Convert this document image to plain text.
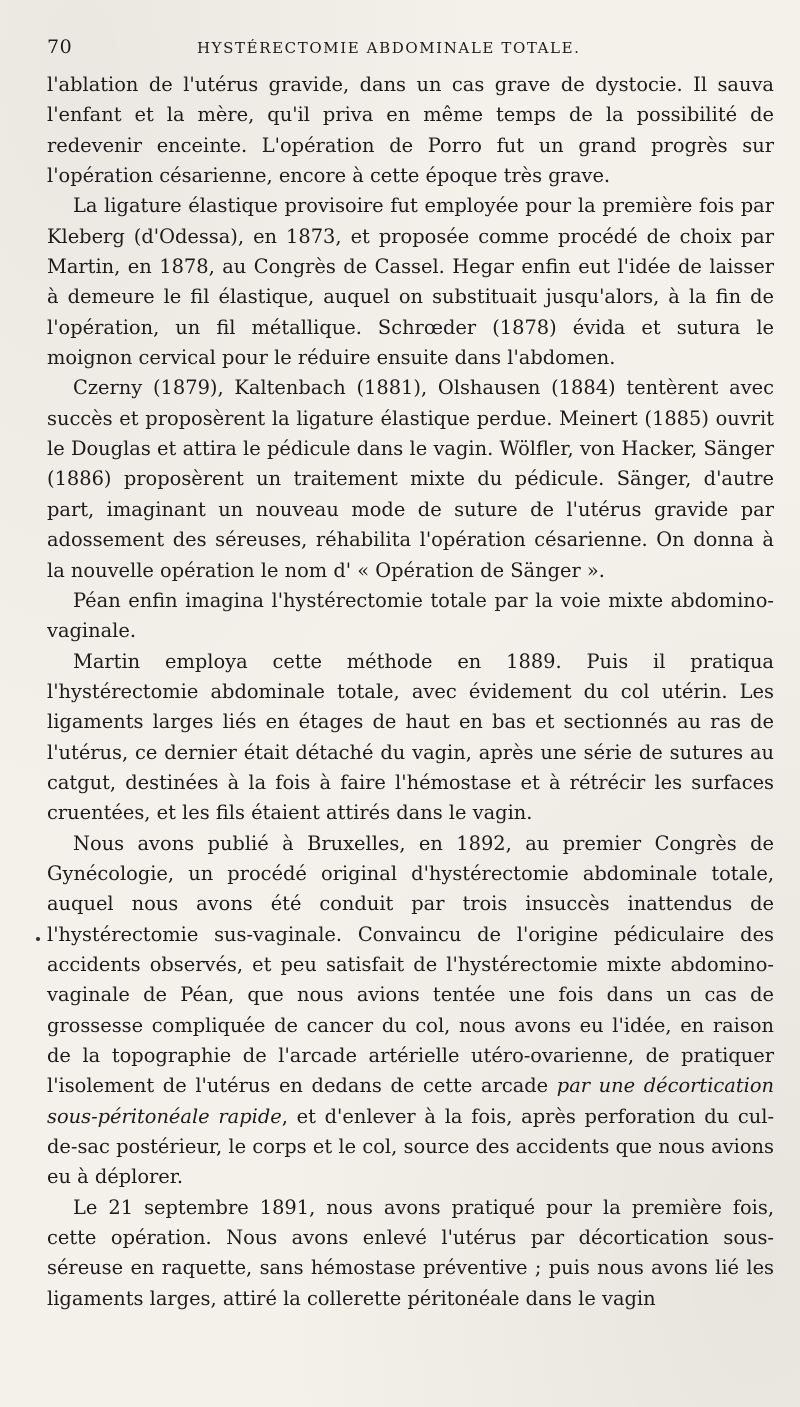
70	HYSTÉRECTOMIE ABDOMINALE TOTALE.

l'ablation de l'utérus gravide, dans un cas grave de dystocie. Il sauva l'enfant et la mère, qu'il priva en même temps de la possibilité de redevenir enceinte. L'opération de Porro fut un grand progrès sur l'opération césarienne, encore à cette époque très grave.

La ligature élastique provisoire fut employée pour la première fois par Kleberg (d'Odessa), en 1873, et proposée comme procédé de choix par Martin, en 1878, au Congrès de Cassel. Hegar enfin eut l'idée de laisser à demeure le fil élastique, auquel on substituait jusqu'alors, à la fin de l'opération, un fil métallique. Schrœder (1878) évida et sutura le moignon cervical pour le réduire ensuite dans l'abdomen.

Czerny (1879), Kaltenbach (1881), Olshausen (1884) tentèrent avec succès et proposèrent la ligature élastique perdue. Meinert (1885) ouvrit le Douglas et attira le pédicule dans le vagin. Wölfler, von Hacker, Sänger (1886) proposèrent un traitement mixte du pédicule. Sänger, d'autre part, imaginant un nouveau mode de suture de l'utérus gravide par adossement des séreuses, réhabilita l'opération césarienne. On donna à la nouvelle opération le nom d' « Opération de Sänger ».

Péan enfin imagina l'hystérectomie totale par la voie mixte abdomino-vaginale.

Martin employa cette méthode en 1889. Puis il pratiqua l'hystérectomie abdominale totale, avec évidement du col utérin. Les ligaments larges liés en étages de haut en bas et sectionnés au ras de l'utérus, ce dernier était détaché du vagin, après une série de sutures au catgut, destinées à la fois à faire l'hémostase et à rétrécir les surfaces cruentées, et les fils étaient attirés dans le vagin.

Nous avons publié à Bruxelles, en 1892, au premier Congrès de Gynécologie, un procédé original d'hystérectomie abdominale totale, auquel nous avons été conduit par trois insuccès inattendus de l'hystérectomie sus-vaginale. Convaincu de l'origine pédiculaire des accidents observés, et peu satisfait de l'hystérectomie mixte abdomino-vaginale de Péan, que nous avions tentée une fois dans un cas de grossesse compliquée de cancer du col, nous avons eu l'idée, en raison de la topographie de l'arcade artérielle utéro-ovarienne, de pratiquer l'isolement de l'utérus en dedans de cette arcade par une décortication sous-péritonéale rapide, et d'enlever à la fois, après perforation du cul-de-sac postérieur, le corps et le col, source des accidents que nous avions eu à déplorer.

Le 21 septembre 1891, nous avons pratiqué pour la première fois, cette opération. Nous avons enlevé l'utérus par décortication sous-séreuse en raquette, sans hémostase préventive ; puis nous avons lié les ligaments larges, attiré la collerette péritonéale dans le vagin
